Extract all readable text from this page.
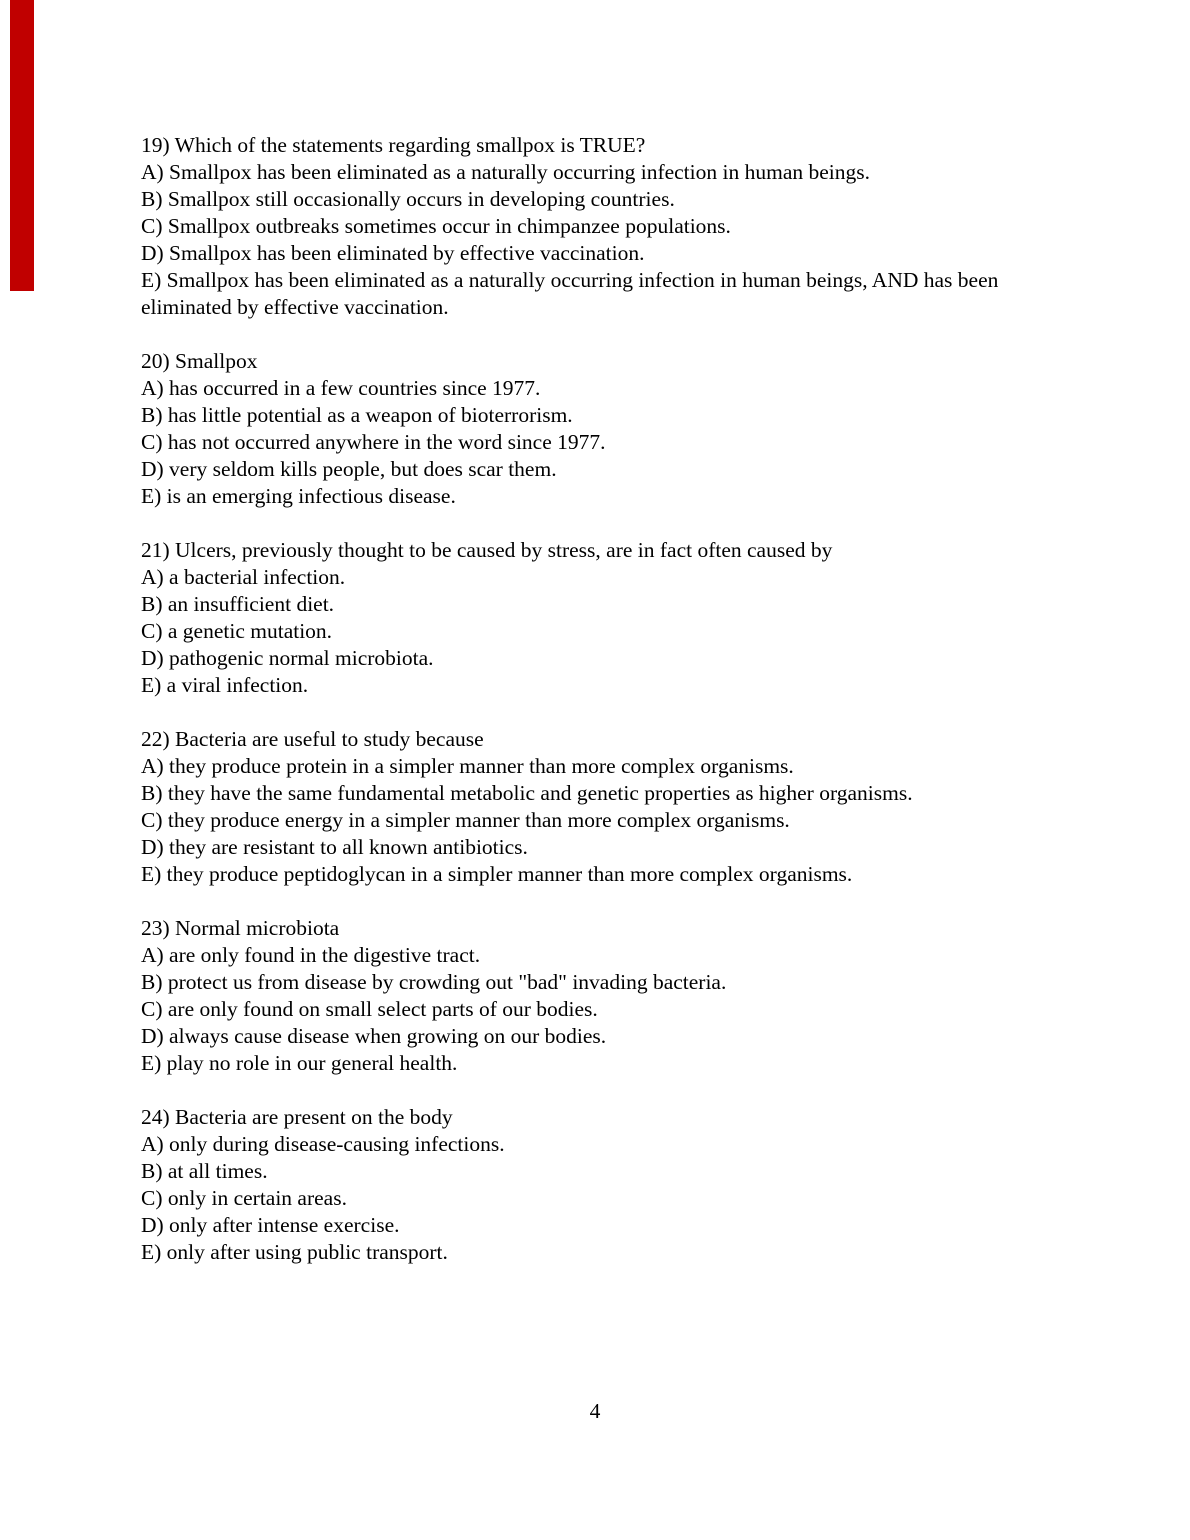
19) Which of the statements regarding smallpox is TRUE?
A) Smallpox has been eliminated as a naturally occurring infection in human beings.
B) Smallpox still occasionally occurs in developing countries.
C) Smallpox outbreaks sometimes occur in chimpanzee populations.
D) Smallpox has been eliminated by effective vaccination.
E) Smallpox has been eliminated as a naturally occurring infection in human beings, AND has been eliminated by effective vaccination.
20) Smallpox
A) has occurred in a few countries since 1977.
B) has little potential as a weapon of bioterrorism.
C) has not occurred anywhere in the word since 1977.
D) very seldom kills people, but does scar them.
E) is an emerging infectious disease.
21) Ulcers, previously thought to be caused by stress, are in fact often caused by
A) a bacterial infection.
B) an insufficient diet.
C) a genetic mutation.
D) pathogenic normal microbiota.
E) a viral infection.
22) Bacteria are useful to study because
A) they produce protein in a simpler manner than more complex organisms.
B) they have the same fundamental metabolic and genetic properties as higher organisms.
C) they produce energy in a simpler manner than more complex organisms.
D) they are resistant to all known antibiotics.
E) they produce peptidoglycan in a simpler manner than more complex organisms.
23) Normal microbiota
A) are only found in the digestive tract.
B) protect us from disease by crowding out "bad" invading bacteria.
C) are only found on small select parts of our bodies.
D) always cause disease when growing on our bodies.
E) play no role in our general health.
24) Bacteria are present on the body
A) only during disease-causing infections.
B) at all times.
C) only in certain areas.
D) only after intense exercise.
E) only after using public transport.
4
